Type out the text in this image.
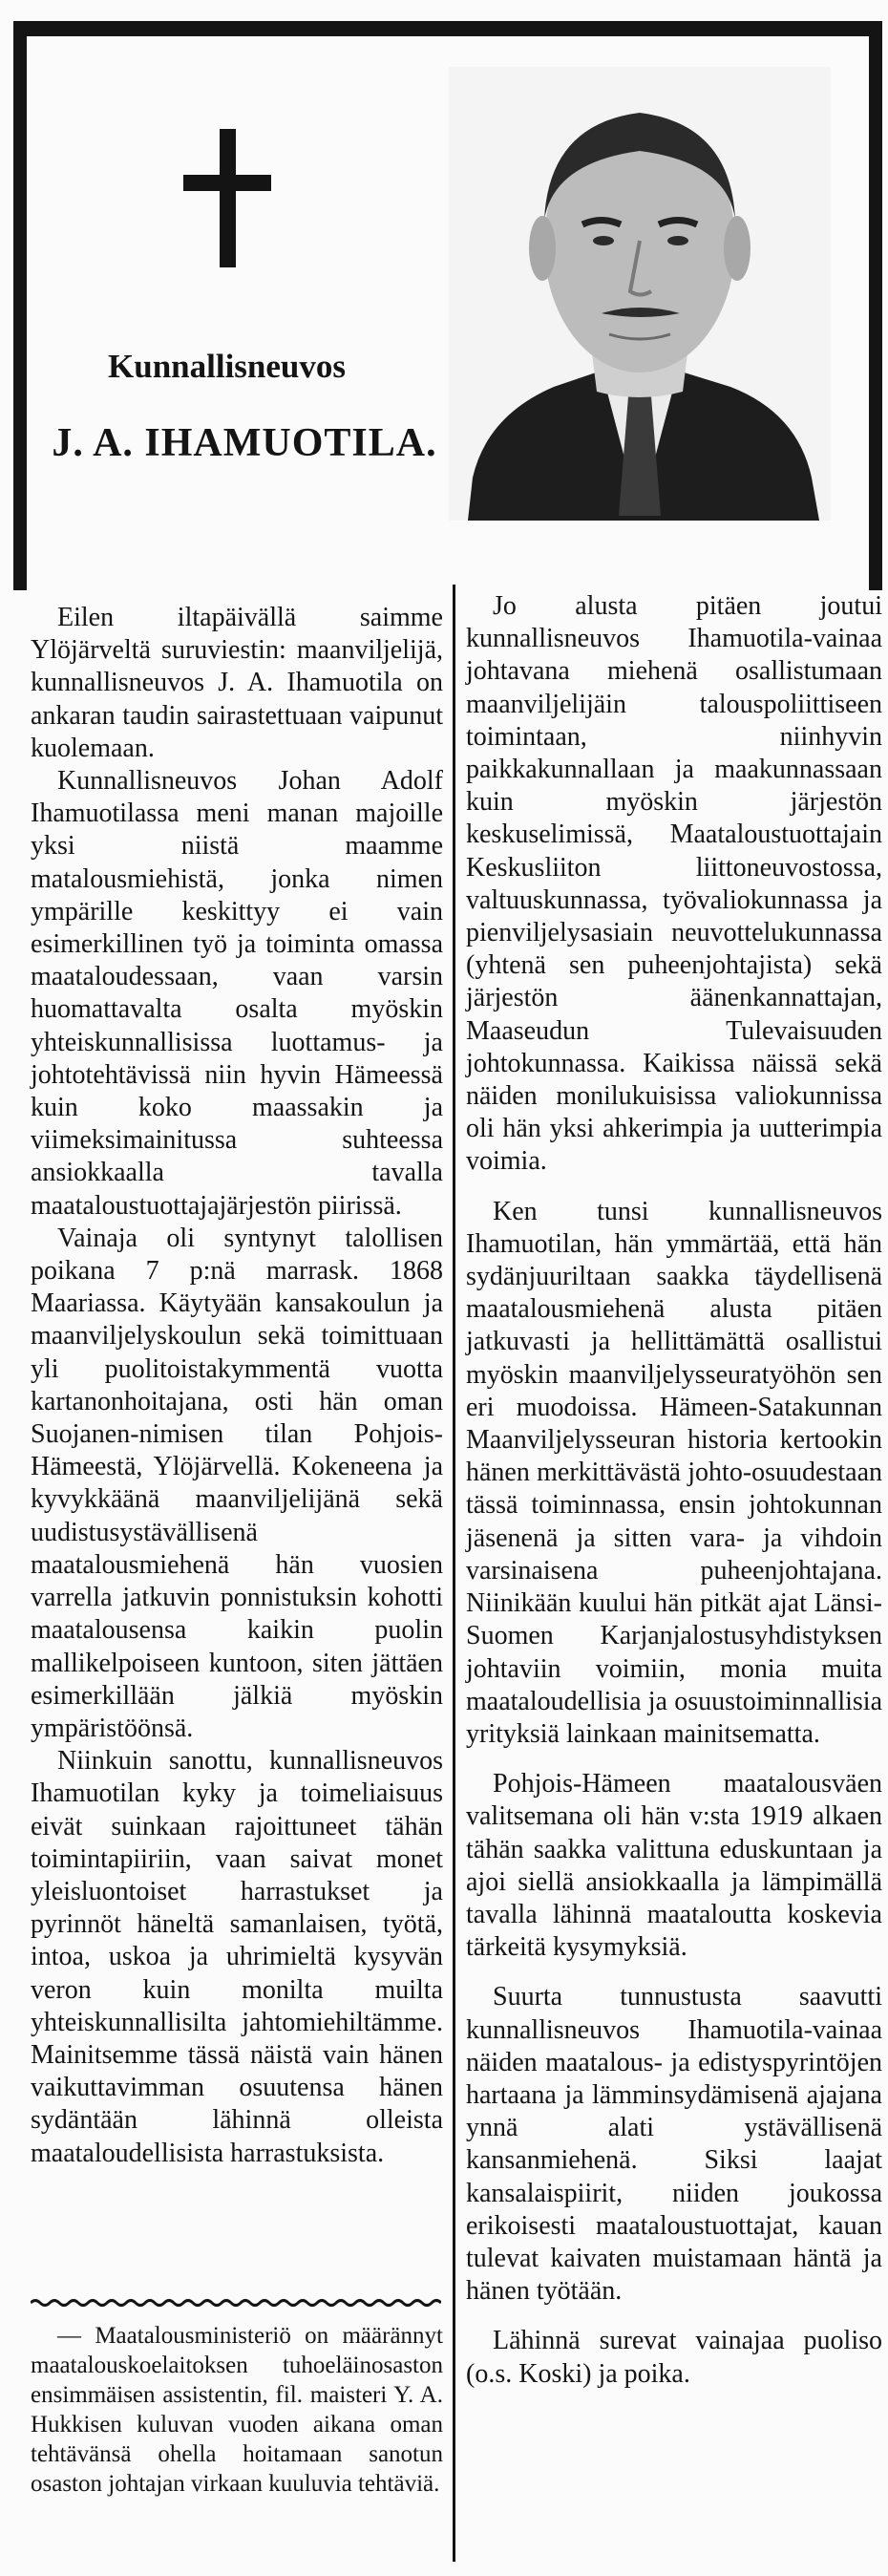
Kunnallisneuvos
J. A. IHAMUOTILA.

Eilen iltapäivällä saimme Ylöjärveltä suruviestin: maanviljelijä, kunnallisneuvos J. A. Ihamuotila on ankaran taudin sairastettuaan vaipunut kuolemaan.

Kunnallisneuvos Johan Adolf Ihamuotilassa meni manan majoille yksi niistä maamme matalousmiehistä, jonka nimen ympärille keskittyy ei vain esimerkillinen työ ja toiminta omassa maataloudessaan, vaan varsin huomattavalta osalta myöskin yhteiskunnallisissa luottamus- ja johtotehtävissä niin hyvin Hämeessä kuin koko maassakin ja viimeksimainitussa suhteessa ansiokkaalla tavalla maataloustuottajajärjestön piirissä.

Vainaja oli syntynyt talollisen poikana 7 p:nä marrask. 1868 Maariassa. Käytyään kansakoulun ja maanviljelyskoulun sekä toimittuaan yli puolitoistakymmentä vuotta kartanonhoitajana, osti hän oman Suojanen-nimisen tilan Pohjois-Hämeestä, Ylöjärvellä. Kokeneena ja kyvykkäänä maanviljelijänä sekä uudistusystävällisenä maatalousmiehenä hän vuosien varrella jatkuvin ponnistuksin kohotti maatalousensa kaikin puolin mallikelpoiseen kuntoon, siten jättäen esimerkillään jälkiä myöskin ympäristöönsä.

Niinkuin sanottu, kunnallisneuvos Ihamuotilan kyky ja toimeliaisuus eivät suinkaan rajoittuneet tähän toimintapiiriin, vaan saivat monet yleisluontoiset harrastukset ja pyrinnöt häneltä samanlaisen, työtä, intoa, uskoa ja uhrimieltä kysyvän veron kuin monilta muilta yhteiskunnallisilta jahtomiehiltämme. Mainitsemme tässä näistä vain hänen vaikuttavimman osuutensa hänen sydäntään lähinnä olleista maataloudellisista harrastuksista.

Jo alusta pitäen joutui kunnallisneuvos Ihamuotila-vainaa johtavana miehenä osallistumaan maanviljelijäin talouspoliittiseen toimintaan, niinhyvin paikkakunnallaan ja maakunnassaan kuin myöskin järjestön keskuselimissä, Maataloustuottajain Keskusliiton liittoneuvostossa, valtuuskunnassa, työvaliokunnassa ja pienviljelysasiain neuvottelukunnassa (yhtenä sen puheenjohtajista) sekä järjestön äänenkannattajan, Maaseudun Tulevaisuuden johtokunnassa. Kaikissa näissä sekä näiden monilukuisissa valiokunnissa oli hän yksi ahkerimpia ja uutterimpia voimia.

Ken tunsi kunnallisneuvos Ihamuotilan, hän ymmärtää, että hän sydänjuuriltaan saakka täydellisenä maatalousmiehenä alusta pitäen jatkuvasti ja hellittämättä osallistui myöskin maanviljelysseuratyöhön sen eri muodoissa. Hämeen-Satakunnan Maanviljelysseuran historia kertookin hänen merkittävästä johto-osuudestaan tässä toiminnassa, ensin johtokunnan jäsenenä ja sitten vara- ja vihdoin varsinaisena puheenjohtajana. Niinikään kuului hän pitkät ajat Länsi-Suomen Karjanjalostusyhdistyksen johtaviin voimiin, monia muita maataloudellisia ja osuustoiminnallisia yrityksiä lainkaan mainitsematta.

Pohjois-Hämeen maatalousväen valitsemana oli hän v:sta 1919 alkaen tähän saakka valittuna eduskuntaan ja ajoi siellä ansiokkaalla ja lämpimällä tavalla lähinnä maataloutta koskevia tärkeitä kysymyksiä.

Suurta tunnustusta saavutti kunnallisneuvos Ihamuotila-vainaa näiden maatalous- ja edistyspyrintöjen hartaana ja lämminsydämisenä ajajana ynnä alati ystävällisenä kansanmiehenä. Siksi laajat kansalaispiirit, niiden joukossa erikoisesti maataloustuottajat, kauan tulevat kaivaten muistamaan häntä ja hänen työtään.

Lähinnä surevat vainajaa puoliso (o.s. Koski) ja poika.

— Maatalousministeriö on määrännyt maatalouskoelaitoksen tuhoeläinosaston ensimmäisen assistentin, fil. maisteri Y. A. Hukkisen kuluvan vuoden aikana oman tehtävänsä ohella hoitamaan sanotun osaston johtajan virkaan kuuluvia tehtäviä.
